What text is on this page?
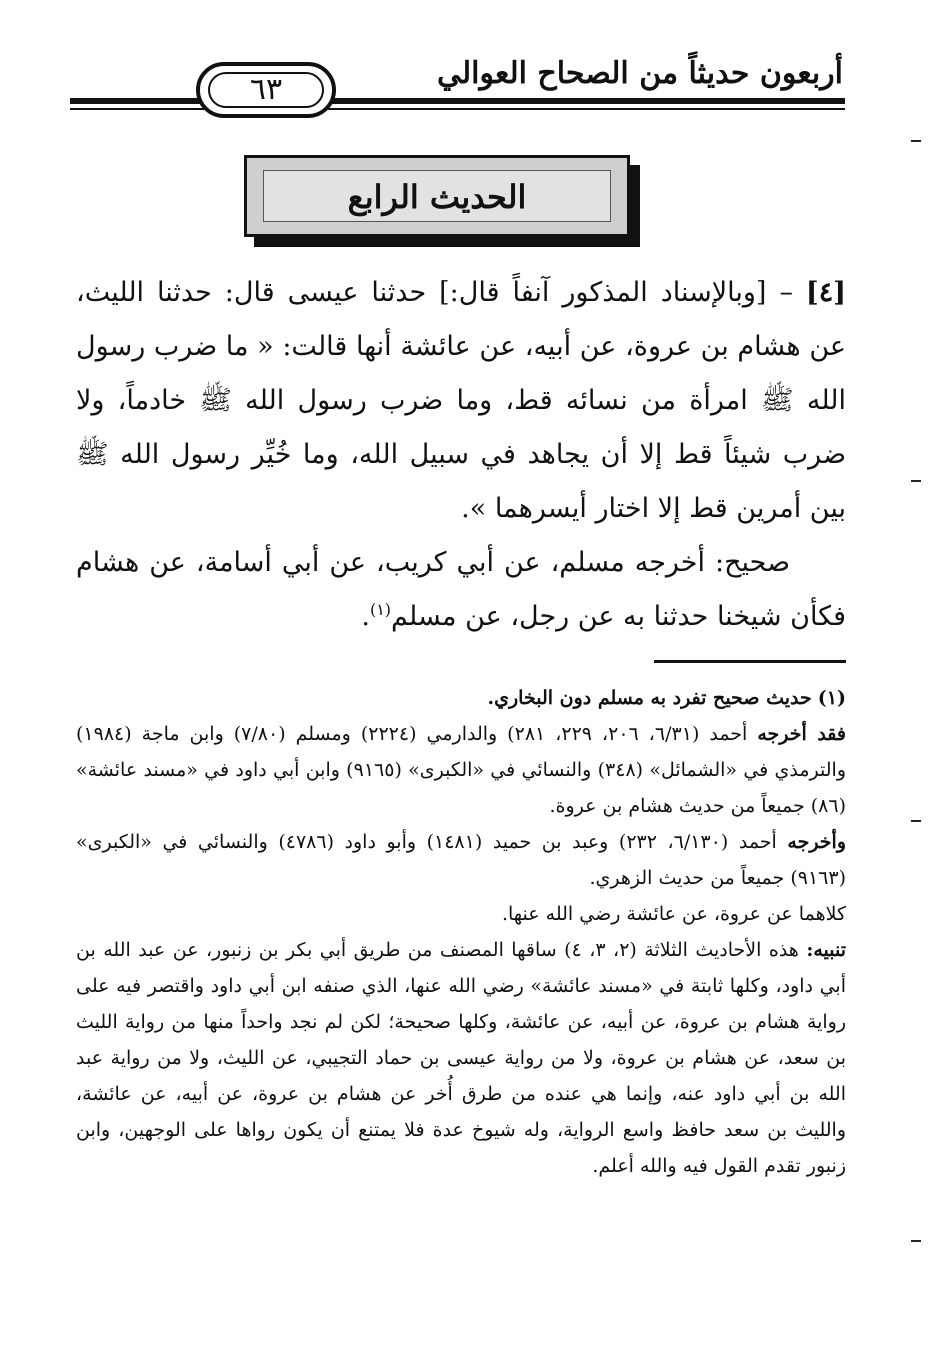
أربعون حديثاً من الصحاح العوالي
٦٣
الحديث الرابع

[٤] – [وبالإسناد المذكور آنفاً قال:] حدثنا عيسى قال: حدثنا الليث، عن هشام بن عروة، عن أبيه، عن عائشة أنها قالت: « ما ضرب رسول الله ﷺ امرأة من نسائه قط، وما ضرب رسول الله ﷺ خادماً، ولا ضرب شيئاً قط إلا أن يجاهد في سبيل الله، وما خُيِّر رسول الله ﷺ بين أمرين قط إلا اختار أيسرهما ».

صحيح: أخرجه مسلم، عن أبي كريب، عن أبي أسامة، عن هشام فكأن شيخنا حدثنا به عن رجل، عن مسلم$^{(١)}$.

(١) حديث صحيح تفرد به مسلم دون البخاري.

فقد أخرجه أحمد (٦/٣١، ٢٠٦، ٢٢٩، ٢٨١) والدارمي (٢٢٢٤) ومسلم (٧/٨٠) وابن ماجة (١٩٨٤) والترمذي في «الشمائل» (٣٤٨) والنسائي في «الكبرى» (٩١٦٥) وابن أبي داود في «مسند عائشة» (٨٦) جميعاً من حديث هشام بن عروة.

وأخرجه أحمد (٦/١٣٠، ٢٣٢) وعبد بن حميد (١٤٨١) وأبو داود (٤٧٨٦) والنسائي في «الكبرى» (٩١٦٣) جميعاً من حديث الزهري.

كلاهما عن عروة، عن عائشة رضي الله عنها.

تنبيه: هذه الأحاديث الثلاثة (٢، ٣، ٤) ساقها المصنف من طريق أبي بكر بن زنبور، عن عبد الله بن أبي داود، وكلها ثابتة في «مسند عائشة» رضي الله عنها، الذي صنفه ابن أبي داود واقتصر فيه على رواية هشام بن عروة، عن أبيه، عن عائشة، وكلها صحيحة؛ لكن لم نجد واحداً منها من رواية الليث بن سعد، عن هشام بن عروة، ولا من رواية عيسى بن حماد التجيبي، عن الليث، ولا من رواية عبد الله بن أبي داود عنه، وإنما هي عنده من طرق أُخر عن هشام بن عروة، عن أبيه، عن عائشة، والليث بن سعد حافظ واسع الرواية، وله شيوخ عدة فلا يمتنع أن يكون رواها على الوجهين، وابن زنبور تقدم القول فيه والله أعلم.
